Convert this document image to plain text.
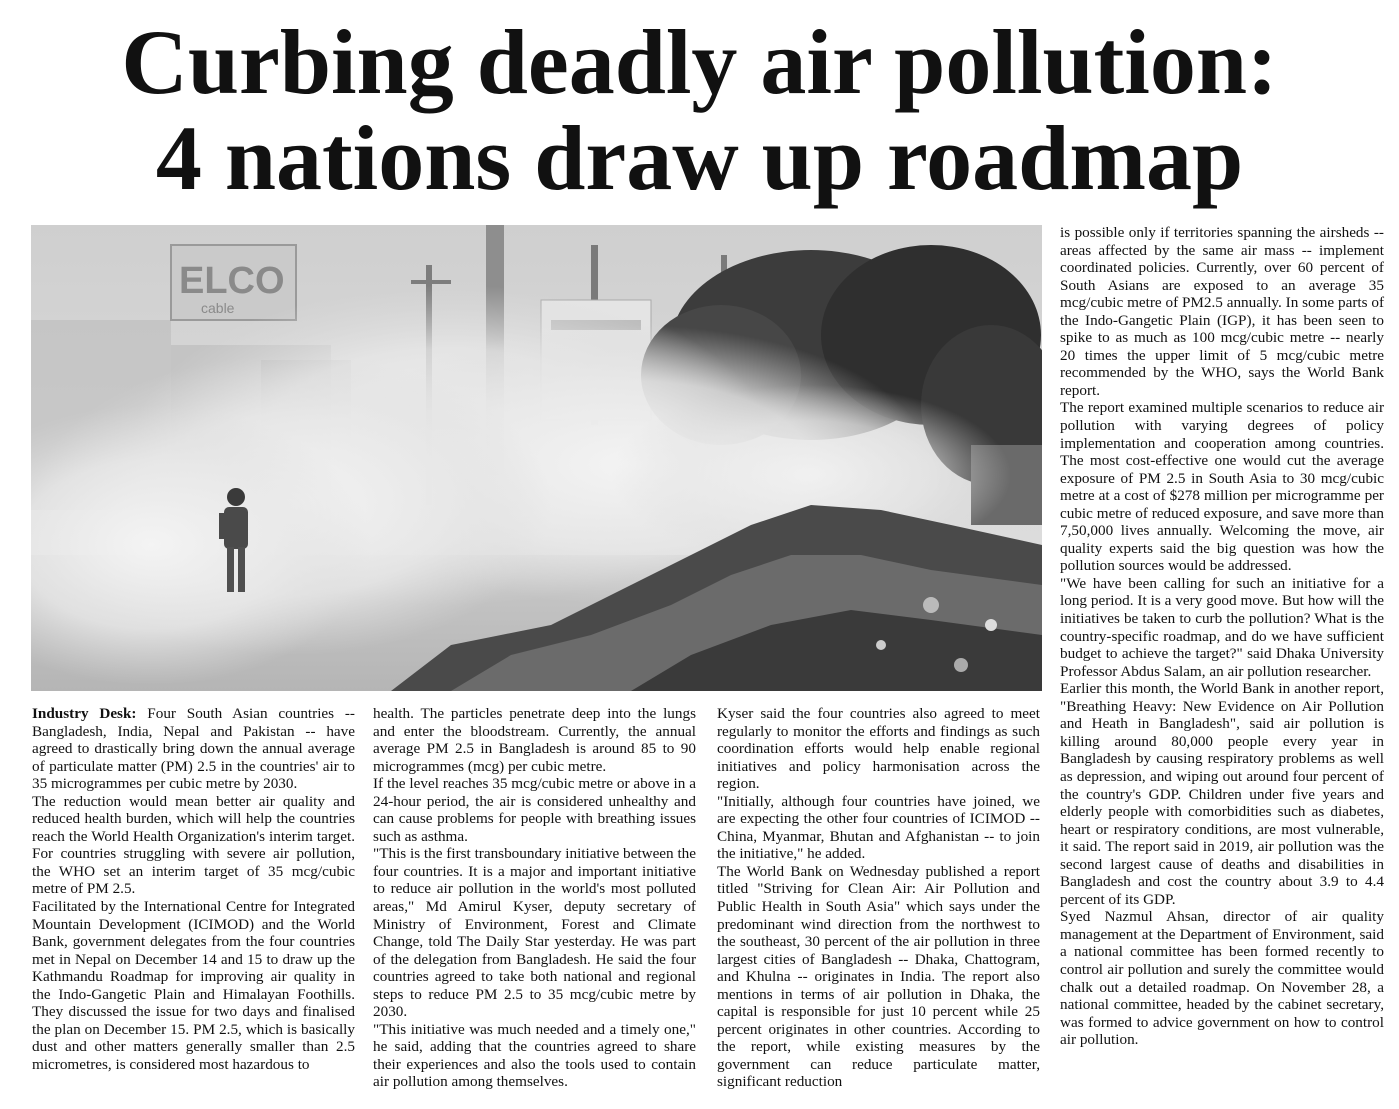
Curbing deadly air pollution:
4 nations draw up roadmap
ELCO
cable

Industry Desk: Four South Asian countries -- Bangladesh, India, Nepal and Pakistan -- have agreed to drastically bring down the annual average of particulate matter (PM) 2.5 in the countries' air to 35 microgrammes per cubic metre by 2030.

The reduction would mean better air quality and reduced health burden, which will help the countries reach the World Health Organization's interim target. For countries struggling with severe air pollution, the WHO set an interim target of 35 mcg/cubic metre of PM 2.5.

Facilitated by the International Centre for Integrated Mountain Development (ICIMOD) and the World Bank, government delegates from the four countries met in Nepal on December 14 and 15 to draw up the Kathmandu Roadmap for improving air quality in the Indo-Gangetic Plain and Himalayan Foothills. They discussed the issue for two days and finalised the plan on December 15. PM 2.5, which is basically dust and other matters generally smaller than 2.5 micrometres, is considered most hazardous to

health. The particles penetrate deep into the lungs and enter the bloodstream. Currently, the annual average PM 2.5 in Bangladesh is around 85 to 90 microgrammes (mcg) per cubic metre.

If the level reaches 35 mcg/cubic metre or above in a 24-hour period, the air is considered unhealthy and can cause problems for people with breathing issues such as asthma.

"This is the first transboundary initiative between the four countries. It is a major and important initiative to reduce air pollution in the world's most polluted areas," Md Amirul Kyser, deputy secretary of Ministry of Environment, Forest and Climate Change, told The Daily Star yesterday. He was part of the delegation from Bangladesh. He said the four countries agreed to take both national and regional steps to reduce PM 2.5 to 35 mcg/cubic metre by 2030.

"This initiative was much needed and a timely one," he said, adding that the countries agreed to share their experiences and also the tools used to contain air pollution among themselves.

Kyser said the four countries also agreed to meet regularly to monitor the efforts and findings as such coordination efforts would help enable regional initiatives and policy harmonisation across the region.

"Initially, although four countries have joined, we are expecting the other four countries of ICIMOD -- China, Myanmar, Bhutan and Afghanistan -- to join the initiative," he added.

The World Bank on Wednesday published a report titled "Striving for Clean Air: Air Pollution and Public Health in South Asia" which says under the predominant wind direction from the northwest to the southeast, 30 percent of the air pollution in three largest cities of Bangladesh -- Dhaka, Chattogram, and Khulna -- originates in India. The report also mentions in terms of air pollution in Dhaka, the capital is responsible for just 10 percent while 25 percent originates in other countries. According to the report, while existing measures by the government can reduce particulate matter, significant reduction

is possible only if territories spanning the airsheds -- areas affected by the same air mass -- implement coordinated policies. Currently, over 60 percent of South Asians are exposed to an average 35 mcg/cubic metre of PM2.5 annually. In some parts of the Indo-Gangetic Plain (IGP), it has been seen to spike to as much as 100 mcg/cubic metre -- nearly 20 times the upper limit of 5 mcg/cubic metre recommended by the WHO, says the World Bank report.

The report examined multiple scenarios to reduce air pollution with varying degrees of policy implementation and cooperation among countries. The most cost-effective one would cut the average exposure of PM 2.5 in South Asia to 30 mcg/cubic metre at a cost of $278 million per microgramme per cubic metre of reduced exposure, and save more than 7,50,000 lives annually. Welcoming the move, air quality experts said the big question was how the pollution sources would be addressed.

"We have been calling for such an initiative for a long period. It is a very good move. But how will the initiatives be taken to curb the pollution? What is the country-specific roadmap, and do we have sufficient budget to achieve the target?" said Dhaka University Professor Abdus Salam, an air pollution researcher.

Earlier this month, the World Bank in another report, "Breathing Heavy: New Evidence on Air Pollution and Heath in Bangladesh", said air pollution is killing around 80,000 people every year in Bangladesh by causing respiratory problems as well as depression, and wiping out around four percent of the country's GDP. Children under five years and elderly people with comorbidities such as diabetes, heart or respiratory conditions, are most vulnerable, it said. The report said in 2019, air pollution was the second largest cause of deaths and disabilities in Bangladesh and cost the country about 3.9 to 4.4 percent of its GDP.

Syed Nazmul Ahsan, director of air quality management at the Department of Environment, said a national committee has been formed recently to control air pollution and surely the committee would chalk out a detailed roadmap. On November 28, a national committee, headed by the cabinet secretary, was formed to advice government on how to control air pollution.
